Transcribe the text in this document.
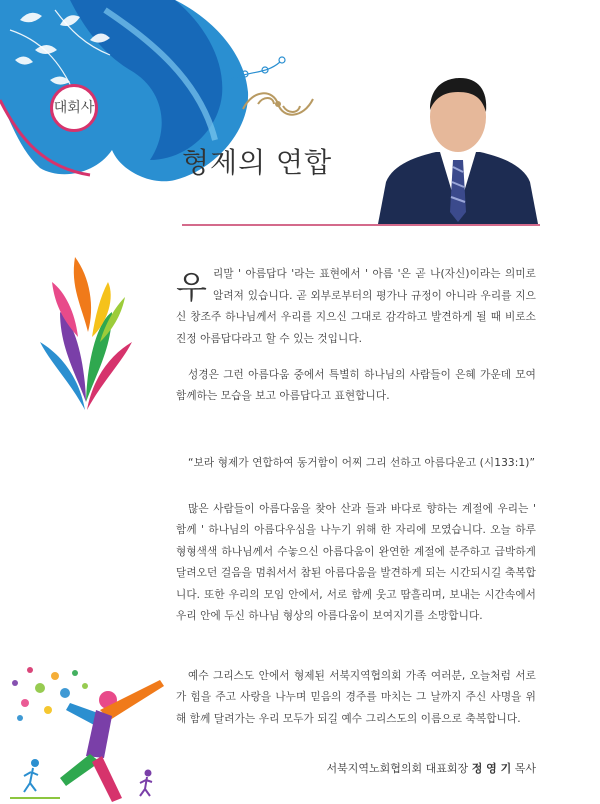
대회사
형제의 연합
우 리말 ' 아름답다 '라는 표현에서 ' 아름 '은 곧 나(자신)이라는 의미로 알려져 있습니다. 곧 외부로부터의 평가나 규정이 아니라 우리를 지으신 창조주 하나님께서 우리를 지으신 그대로 감각하고 발견하게 될 때 비로소 진정 아름답다라고 할 수 있는 것입니다.

성경은 그런 아름다움 중에서 특별히 하나님의 사람들이 은혜 가운데 모여 함께하는 모습을 보고 아름답다고 표현합니다.

“보라 형제가 연합하여 동거함이 어찌 그리 선하고 아름다운고 (시133:1)”

많은 사람들이 아름다움을 찾아 산과 들과 바다로 향하는 계절에 우리는 ' 함께 ' 하나님의 아름다우심을 나누기 위해 한 자리에 모였습니다. 오늘 하루 형형색색 하나님께서 수놓으신 아름다움이 완연한 계절에 분주하고 급박하게 달려오던 걸음을 멈춰서서 참된 아름다움을 발견하게 되는 시간되시길 축복합니다. 또한 우리의 모임 안에서, 서로 함께 웃고 땀흘리며, 보내는 시간속에서 우리 안에 두신 하나님 형상의 아름다움이 보여지기를 소망합니다.

예수 그리스도 안에서 형제된 서북지역협의회 가족 여러분, 오늘처럼 서로가 힘을 주고 사랑을 나누며 믿음의 경주를 마치는 그 날까지 주신 사명을 위해 함께 달려가는 우리 모두가 되길 예수 그리스도의 이름으로 축복합니다.

서북지역노회협의회 대표회장 정 영 기 목사
